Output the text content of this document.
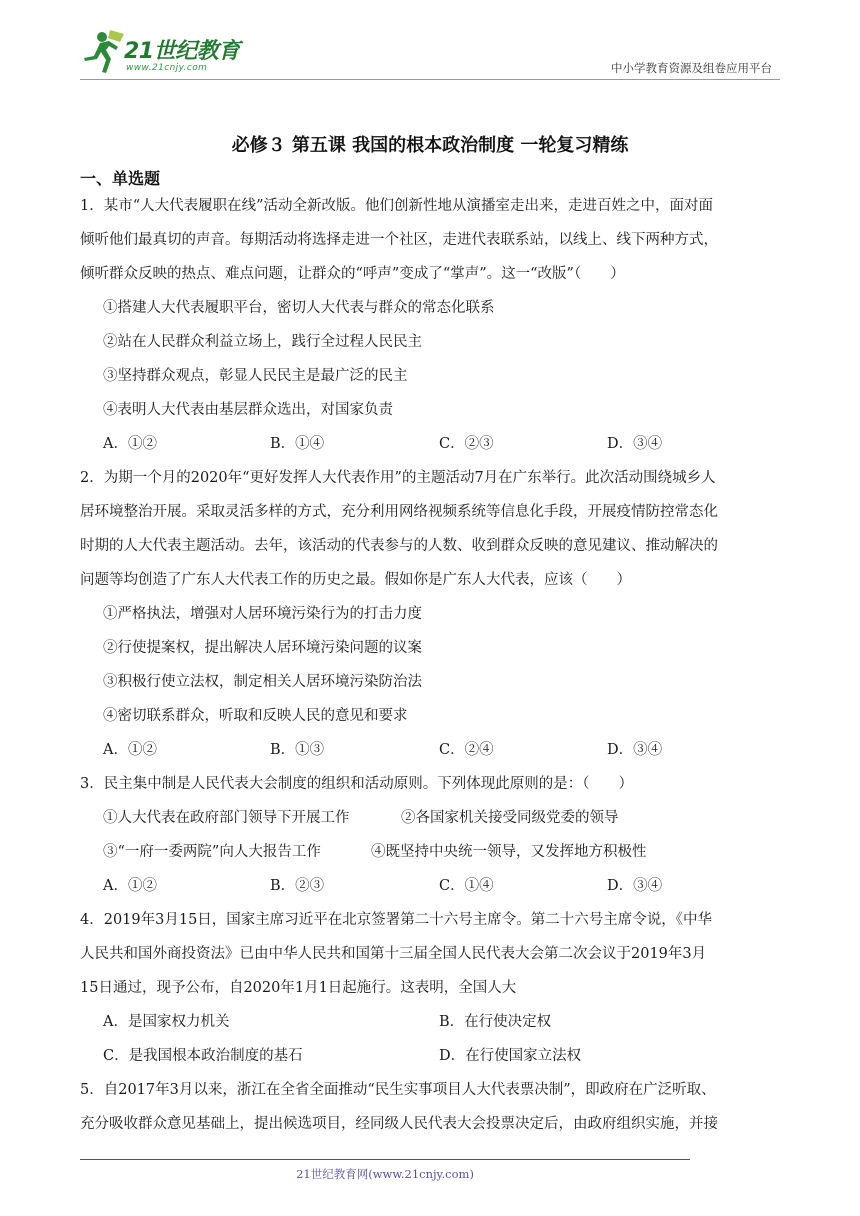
21世纪教育
www.21cnjy.com	中小学教育资源及组卷应用平台
必修３ 第五课 我国的根本政治制度 一轮复习精练
一、单选题
1．某市“人大代表履职在线”活动全新改版。他们创新性地从演播室走出来，走进百姓之中，面对面
倾听他们最真切的声音。每期活动将选择走进一个社区，走进代表联系站，以线上、线下两种方式，
倾听群众反映的热点、难点问题，让群众的“呼声”变成了“掌声”。这一“改版”（　　）
①搭建人大代表履职平台，密切人大代表与群众的常态化联系
②站在人民群众利益立场上，践行全过程人民民主
③坚持群众观点，彰显人民民主是最广泛的民主
④表明人大代表由基层群众选出，对国家负责
A．①②	B．①④	C．②③	D．③④
2．为期一个月的2020年“更好发挥人大代表作用”的主题活动7月在广东举行。此次活动围绕城乡人
居环境整治开展。采取灵活多样的方式，充分利用网络视频系统等信息化手段，开展疫情防控常态化
时期的人大代表主题活动。去年，该活动的代表参与的人数、收到群众反映的意见建议、推动解决的
问题等均创造了广东人大代表工作的历史之最。假如你是广东人大代表，应该（　　）
①严格执法，增强对人居环境污染行为的打击力度
②行使提案权，提出解决人居环境污染问题的议案
③积极行使立法权，制定相关人居环境污染防治法
④密切联系群众，听取和反映人民的意见和要求
A．①②	B．①③	C．②④	D．③④
3．民主集中制是人民代表大会制度的组织和活动原则。下列体现此原则的是：（　　）
①人大代表在政府部门领导下开展工作	②各国家机关接受同级党委的领导
③“一府一委两院”向人大报告工作	④既坚持中央统一领导，又发挥地方积极性
A．①②	B．②③	C．①④	D．③④
4．2019年3月15日，国家主席习近平在北京签署第二十六号主席令。第二十六号主席令说，《中华
人民共和国外商投资法》已由中华人民共和国第十三届全国人民代表大会第二次会议于2019年3月
15日通过，现予公布，自2020年1月1日起施行。这表明，全国人大
A．是国家权力机关	B．在行使决定权
C．是我国根本政治制度的基石	D．在行使国家立法权
5．自2017年3月以来，浙江在全省全面推动“民生实事项目人大代表票决制”，即政府在广泛听取、
充分吸收群众意见基础上，提出候选项目，经同级人民代表大会投票决定后，由政府组织实施，并接
21世纪教育网(www.21cnjy.com)
